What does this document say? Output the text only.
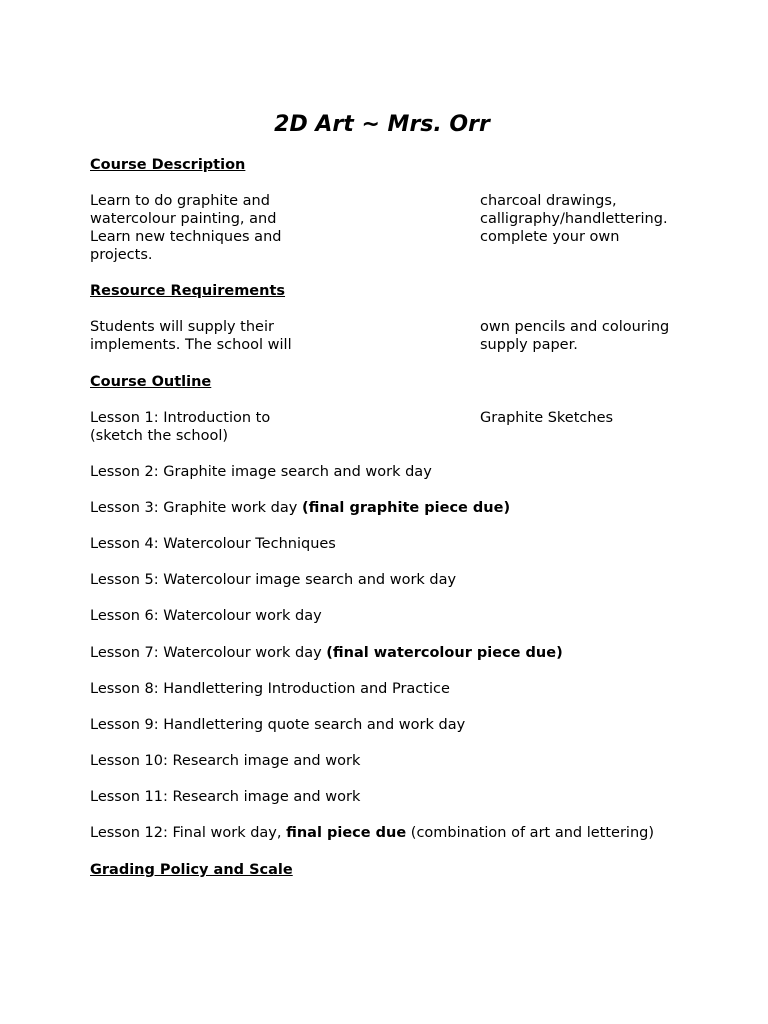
2D Art ~ Mrs. Orr
Course Description
Learn to do graphite and
watercolour painting, and
Learn new techniques and
projects.
charcoal drawings,
calligraphy/handlettering.
complete your own
Resource Requirements
Students will supply their
implements. The school will
own pencils and colouring
supply paper.
Course Outline
Lesson 1: Introduction to
(sketch the school)
Graphite Sketches
Lesson 2: Graphite image search and work day
Lesson 3: Graphite work day (final graphite piece due)
Lesson 4: Watercolour Techniques
Lesson 5: Watercolour image search and work day
Lesson 6: Watercolour work day
Lesson 7: Watercolour work day (final watercolour piece due)
Lesson 8: Handlettering Introduction and Practice
Lesson 9: Handlettering quote search and work day
Lesson 10: Research image and work
Lesson 11: Research image and work
Lesson 12: Final work day, final piece due (combination of art and lettering)
Grading Policy and Scale
